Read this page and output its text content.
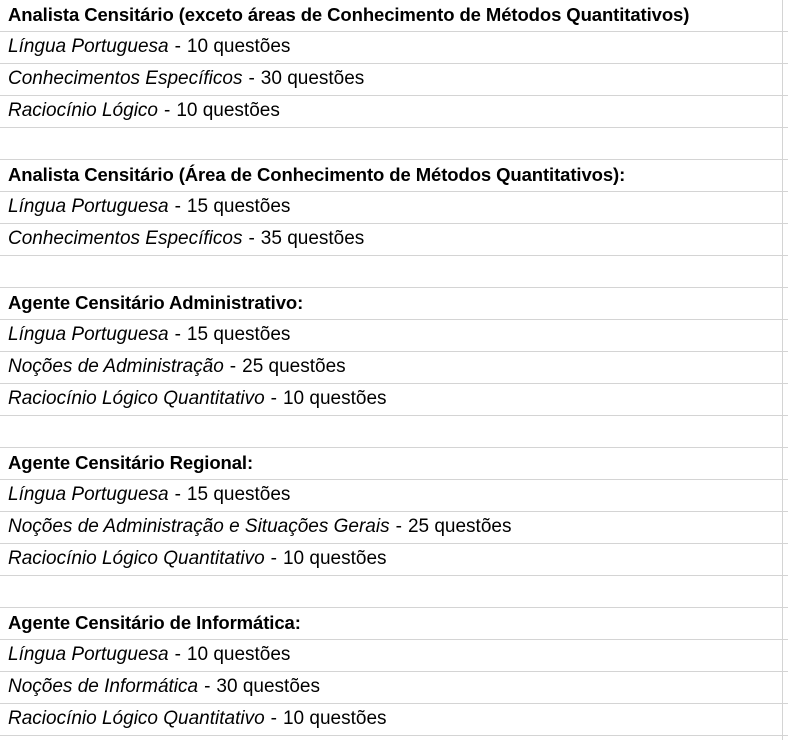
Analista Censitário (exceto áreas de Conhecimento de Métodos Quantitativos)
Língua Portuguesa - 10 questões
Conhecimentos Específicos - 30 questões
Raciocínio Lógico - 10 questões
Analista Censitário (Área de Conhecimento de Métodos Quantitativos):
Língua Portuguesa - 15 questões
Conhecimentos Específicos - 35 questões
Agente Censitário Administrativo:
Língua Portuguesa - 15 questões
Noções de Administração - 25 questões
Raciocínio Lógico Quantitativo - 10 questões
Agente Censitário Regional:
Língua Portuguesa - 15 questões
Noções de Administração e Situações Gerais - 25 questões
Raciocínio Lógico Quantitativo - 10 questões
Agente Censitário de Informática:
Língua Portuguesa - 10 questões
Noções de Informática - 30 questões
Raciocínio Lógico Quantitativo - 10 questões
